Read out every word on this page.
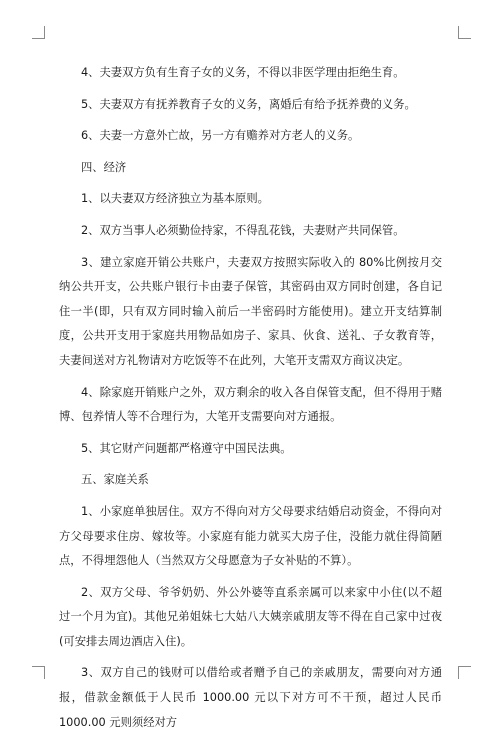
4、夫妻双方负有生育子女的义务，不得以非医学理由拒绝生育。

5、夫妻双方有抚养教育子女的义务，离婚后有给予抚养费的义务。

6、夫妻一方意外亡故，另一方有赡养对方老人的义务。

四、经济

1、以夫妻双方经济独立为基本原则。

2、双方当事人必须勤俭持家，不得乱花钱，夫妻财产共同保管。

3、建立家庭开销公共账户，夫妻双方按照实际收入的 80%比例按月交纳公共开支，公共账户银行卡由妻子保管，其密码由双方同时创建，各自记住一半(即，只有双方同时输入前后一半密码时方能使用)。建立开支结算制度，公共开支用于家庭共用物品如房子、家具、伙食、送礼、子女教育等，夫妻间送对方礼物请对方吃饭等不在此列，大笔开支需双方商议决定。

4、除家庭开销账户之外，双方剩余的收入各自保管支配，但不得用于赌博、包养情人等不合理行为，大笔开支需要向对方通报。

5、其它财产问题都严格遵守中国民法典。

五、家庭关系

1、小家庭单独居住。双方不得向对方父母要求结婚启动资金，不得向对方父母要求住房、嫁妆等。小家庭有能力就买大房子住，没能力就住得简陋点，不得埋怨他人（当然双方父母愿意为子女补贴的不算）。

2、双方父母、爷爷奶奶、外公外婆等直系亲属可以来家中小住(以不超过一个月为宜)。其他兄弟姐妹七大姑八大姨亲戚朋友等不得在自己家中过夜(可安排去周边酒店入住)。

3、双方自己的钱财可以借给或者赠予自己的亲戚朋友，需要向对方通报，借款金额低于人民币 1000.00 元以下对方可不干预，超过人民币 1000.00 元则须经对方
